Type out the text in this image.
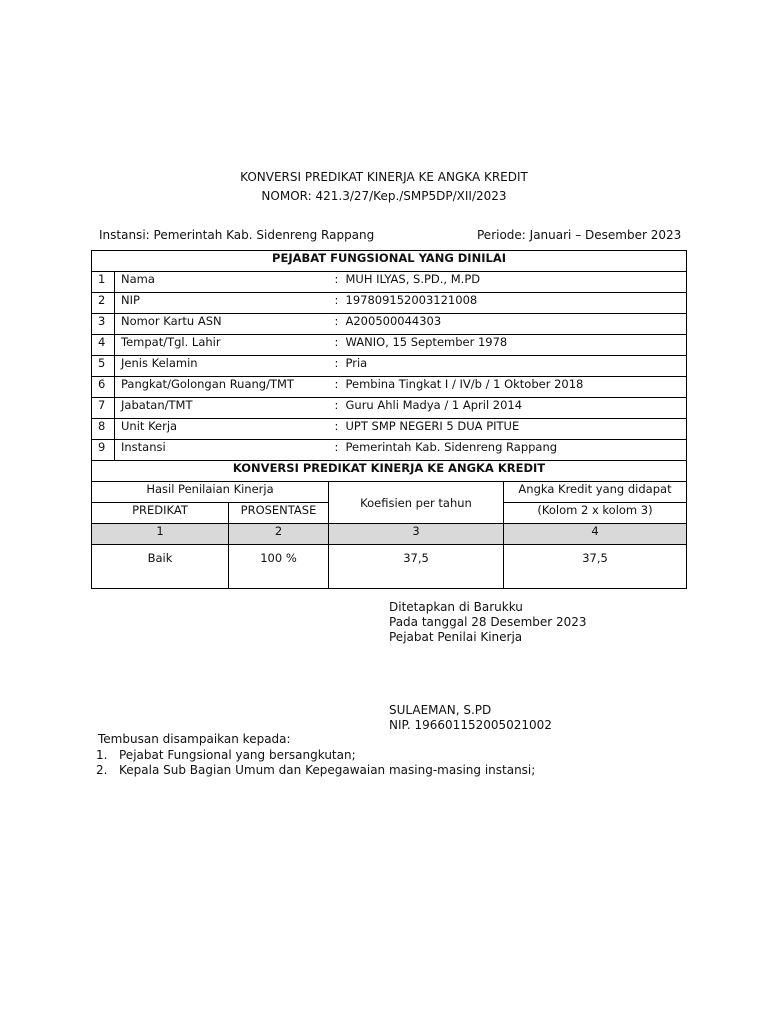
KONVERSI PREDIKAT KINERJA KE ANGKA KREDIT
NOMOR: 421.3/27/Kep./SMP5DP/XII/2023
Instansi: Pemerintah Kab. Sidenreng Rappang	Periode: Januari – Desember 2023
PEJABAT FUNGSIONAL YANG DINILAI					
1	Nama		:	MUH ILYAS, S.PD., M.PD	
2	NIP		:	197809152003121008	
3	Nomor Kartu ASN		:	A200500044303	
4	Tempat/Tgl. Lahir		:	WANIO, 15 September 1978	
5	Jenis Kelamin		:	Pria	
6	Pangkat/Golongan Ruang/TMT		:	Pembina Tingkat I / IV/b / 1 Oktober 2018	
7	Jabatan/TMT		:	Guru Ahli Madya / 1 April 2014	
8	Unit Kerja		:	UPT SMP NEGERI 5 DUA PITUE	
9	Instansi		:	Pemerintah Kab. Sidenreng Rappang	
KONVERSI PREDIKAT KINERJA KE ANGKA KREDIT					
Hasil Penilaian Kinerja			Koefisien per tahun		Angka Kredit yang didapat
PREDIKAT		PROSENTASE			(Kolom 2 x kolom 3)
1		2	3		4
Baik		100 %	37,5		37,5
Ditetapkan di Barukku
Pada tanggal 28 Desember 2023
Pejabat Penilai Kinerja
SULAEMAN, S.PD
NIP. 196601152005021002
Tembusan disampaikan kepada:
1. Pejabat Fungsional yang bersangkutan;
2. Kepala Sub Bagian Umum dan Kepegawaian masing-masing instansi;
